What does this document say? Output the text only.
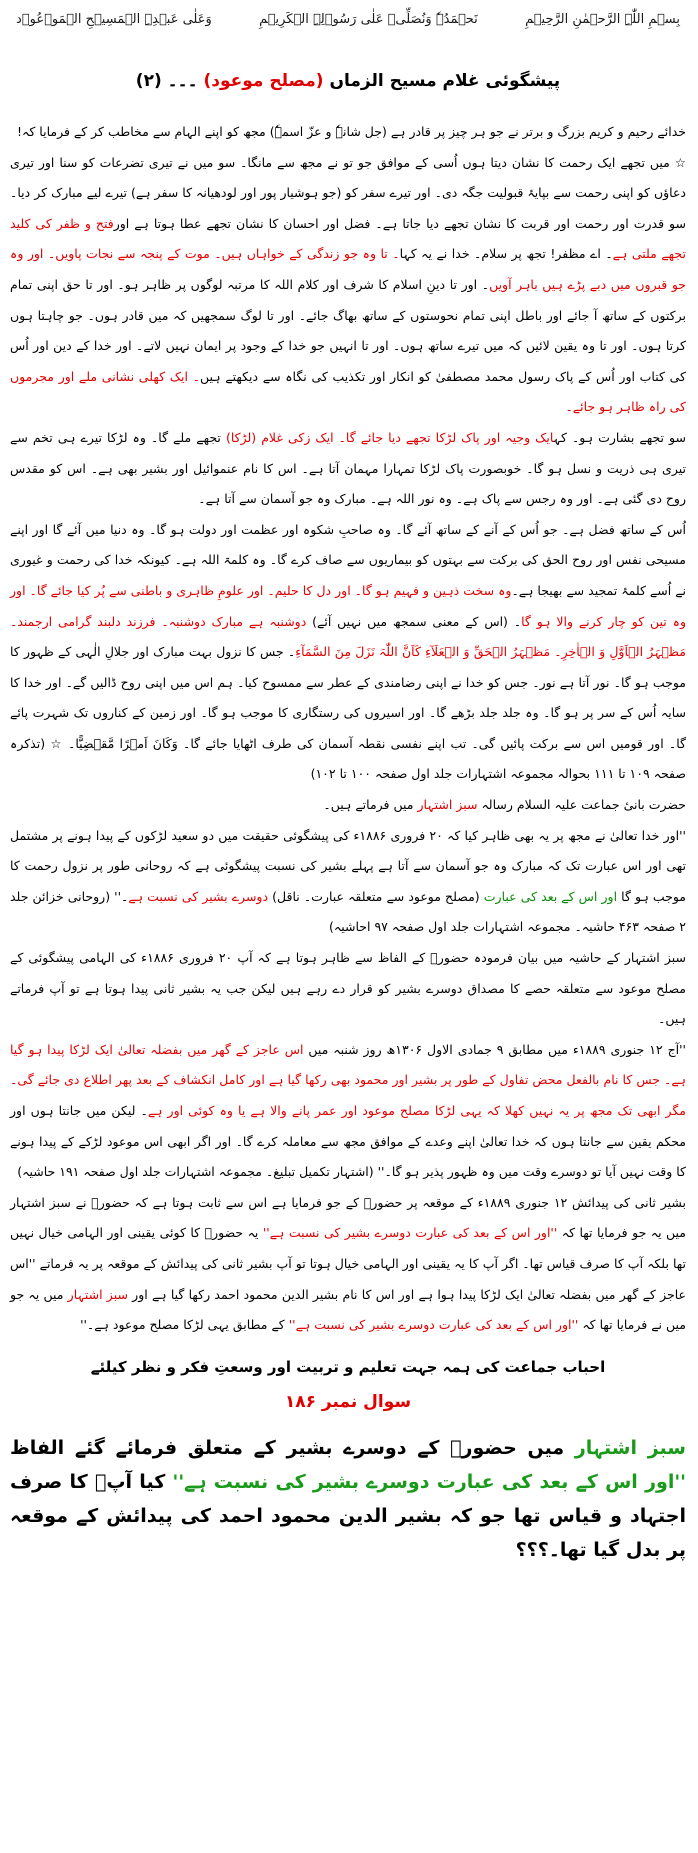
بِسۡمِ اللّٰہِ الرَّحۡمٰنِ الرَّحِیۡمِ
نَحۡمَدُہٗ وَنُصَلِّیۡ عَلٰی رَسُوۡلِہِ الۡکَرِیۡمِ
وَعَلٰی عَبۡدِہِ الۡمَسِیۡحِ الۡمَوۡعُوۡد
پیشگوئی غلام مسیح الزماں (مصلح موعود) ۔۔۔ (۲)

خدائے رحیم و کریم بزرگ و برتر نے جو ہر چیز پر قادر ہے (جل شانہٗ و عزّ اسمہٗ) مجھ کو اپنے الہام سے مخاطب کر کے فرمایا کہ!

☆ میں تجھے ایک رحمت کا نشان دیتا ہوں اُسی کے موافق جو تو نے مجھ سے مانگا۔ سو میں نے تیری تضرعات کو سنا اور تیری دعاؤں کو اپنی رحمت سے بپایۂ قبولیت جگہ دی۔ اور تیرے سفر کو (جو ہوشیار پور اور لودھیانہ کا سفر ہے) تیرے لیے مبارک کر دیا۔ سو قدرت اور رحمت اور قربت کا نشان تجھے دیا جاتا ہے۔ فضل اور احسان کا نشان تجھے عطا ہوتا ہے اورفتح و ظفر کی کلید تجھے ملتی ہے۔ اے مظفر! تجھ پر سلام۔ خدا نے یہ کہا۔ تا وہ جو زندگی کے خواہاں ہیں۔ موت کے پنجہ سے نجات پاویں۔ اور وہ جو قبروں میں دبے پڑے ہیں باہر آویں۔ اور تا دینِ اسلام کا شرف اور کلام اللہ کا مرتبہ لوگوں پر ظاہر ہو۔ اور تا حق اپنی تمام برکتوں کے ساتھ آ جائے اور باطل اپنی تمام نحوستوں کے ساتھ بھاگ جائے۔ اور تا لوگ سمجھیں کہ میں قادر ہوں۔ جو چاہتا ہوں کرتا ہوں۔ اور تا وہ یقین لائیں کہ میں تیرے ساتھ ہوں۔ اور تا انہیں جو خدا کے وجود پر ایمان نہیں لاتے۔ اور خدا کے دین اور اُس کی کتاب اور اُس کے پاک رسول محمد مصطفیٰ کو انکار اور تکذیب کی نگاہ سے دیکھتے ہیں۔ ایک کھلی نشانی ملے اور مجرموں کی راہ ظاہر ہو جائے۔

سو تجھے بشارت ہو۔ کہایک وجیہ اور پاک لڑکا تجھے دیا جائے گا۔ ایک زکی غلام (لڑکا) تجھے ملے گا۔ وہ لڑکا تیرے ہی تخم سے تیری ہی ذریت و نسل ہو گا۔ خوبصورت پاک لڑکا تمہارا مہمان آتا ہے۔ اس کا نام عنموائیل اور بشیر بھی ہے۔ اس کو مقدس روح دی گئی ہے۔ اور وہ رجس سے پاک ہے۔ وہ نور اللہ ہے۔ مبارک وہ جو آسمان سے آتا ہے۔

اُس کے ساتھ فضل ہے۔ جو اُس کے آنے کے ساتھ آئے گا۔ وہ صاحبِ شکوہ اور عظمت اور دولت ہو گا۔ وہ دنیا میں آئے گا اور اپنے مسیحی نفس اور روح الحق کی برکت سے بہتوں کو بیماریوں سے صاف کرے گا۔ وہ کلمۃ اللہ ہے۔ کیونکہ خدا کی رحمت و غیوری نے اُسے کلمۂ تمجید سے بھیجا ہے۔وہ سخت ذہین و فہیم ہو گا۔ اور دل کا حلیم۔ اور علومِ ظاہری و باطنی سے پُر کیا جائے گا۔ اور وہ تین کو چار کرنے والا ہو گا۔ (اس کے معنی سمجھ میں نہیں آئے) دوشنبہ ہے مبارک دوشنبہ۔ فرزند دلبند گرامی ارجمند۔ مَظۡہَرُ الۡاَوَّلِ وَ الۡاٰخِرِ۔ مَظۡہَرُ الۡحَقِّ وَ الۡعَلَآءِ کَاَنَّ اللّٰہَ نَزَلَ مِنَ السَّمَآءِ۔ جس کا نزول بہت مبارک اور جلالِ الٰہی کے ظہور کا موجب ہو گا۔ نور آتا ہے نور۔ جس کو خدا نے اپنی رضامندی کے عطر سے ممسوح کیا۔ ہم اس میں اپنی روح ڈالیں گے۔ اور خدا کا سایہ اُس کے سر پر ہو گا۔ وہ جلد جلد بڑھے گا۔ اور اسیروں کی رستگاری کا موجب ہو گا۔ اور زمین کے کناروں تک شہرت پائے گا۔ اور قومیں اس سے برکت پائیں گی۔ تب اپنے نفسی نقطہ آسمان کی طرف اٹھایا جائے گا۔ وَکَانَ اَمۡرًا مَّقۡضِیًّا۔ ☆ (تذکرہ صفحہ ۱۰۹ تا ۱۱۱ بحوالہ مجموعہ اشتہارات جلد اول صفحہ ۱۰۰ تا ۱۰۲)

حضرت بانیٔ جماعت علیہ السلام رسالہ سبز اشتہار میں فرماتے ہیں۔

''اور خدا تعالیٰ نے مجھ پر یہ بھی ظاہر کیا کہ ۲۰ فروری ۱۸۸۶ء کی پیشگوئی حقیقت میں دو سعید لڑکوں کے پیدا ہونے پر مشتمل تھی اور اس عبارت تک کہ مبارک وہ جو آسمان سے آتا ہے پہلے بشیر کی نسبت پیشگوئی ہے کہ روحانی طور پر نزول رحمت کا موجب ہو گا اور اس کے بعد کی عبارت (مصلح موعود سے متعلقہ عبارت۔ ناقل) دوسرے بشیر کی نسبت ہے۔'' (روحانی خزائن جلد ۲ صفحہ ۴۶۳ حاشیہ۔ مجموعہ اشتہارات جلد اول صفحہ ۹۷ احاشیہ)

سبز اشتہار کے حاشیہ میں بیان فرمودہ حضورؑ کے الفاظ سے ظاہر ہوتا ہے کہ آپ ۲۰ فروری ۱۸۸۶ء کی الہامی پیشگوئی کے مصلح موعود سے متعلقہ حصے کا مصداق دوسرے بشیر کو قرار دے رہے ہیں لیکن جب یہ بشیر ثانی پیدا ہوتا ہے تو آپ فرماتے ہیں۔

''آج ۱۲ جنوری ۱۸۸۹ء میں مطابق ۹ جمادی الاول ۱۳۰۶ھ روز شنبہ میں اس عاجز کے گھر میں بفضلہ تعالیٰ ایک لڑکا پیدا ہو گیا ہے۔ جس کا نام بالفعل محض تفاول کے طور پر بشیر اور محمود بھی رکھا گیا ہے اور کامل انکشاف کے بعد پھر اطلاع دی جائے گی۔ مگر ابھی تک مجھ پر یہ نہیں کھلا کہ یہی لڑکا مصلح موعود اور عمر پانے والا ہے یا وہ کوئی اور ہے۔ لیکن میں جانتا ہوں اور محکم یقین سے جانتا ہوں کہ خدا تعالیٰ اپنے وعدے کے موافق مجھ سے معاملہ کرے گا۔ اور اگر ابھی اس موعود لڑکے کے پیدا ہونے کا وقت نہیں آیا تو دوسرے وقت میں وہ ظہور پذیر ہو گا۔'' (اشتہار تکمیل تبلیغ۔ مجموعہ اشتہارات جلد اول صفحہ ۱۹۱ حاشیہ)

بشیر ثانی کی پیدائش ۱۲ جنوری ۱۸۸۹ء کے موقعہ پر حضورؑ کے جو فرمایا ہے اس سے ثابت ہوتا ہے کہ حضورؑ نے سبز اشتہار میں یہ جو فرمایا تھا کہ ''اور اس کے بعد کی عبارت دوسرے بشیر کی نسبت ہے'' یہ حضورؑ کا کوئی یقینی اور الہامی خیال نہیں تھا بلکہ آپ کا صرف قیاس تھا۔ اگر آپ کا یہ یقینی اور الہامی خیال ہوتا تو آپ بشیر ثانی کی پیدائش کے موقعہ پر یہ فرماتے ''اس عاجز کے گھر میں بفضلہ تعالیٰ ایک لڑکا پیدا ہوا ہے اور اس کا نام بشیر الدین محمود احمد رکھا گیا ہے اور سبز اشتہار میں یہ جو میں نے فرمایا تھا کہ ''اور اس کے بعد کی عبارت دوسرے بشیر کی نسبت ہے'' کے مطابق یہی لڑکا مصلح موعود ہے۔''

احباب جماعت کی ہمہ جہت تعلیم و تربیت اور وسعتِ فکر و نظر کیلئے
سوال نمبر ۱۸۶

سبز اشتہار میں حضورؑ کے دوسرے بشیر کے متعلق فرمائے گئے الفاظ ''اور اس کے بعد کی عبارت دوسرے بشیر کی نسبت ہے'' کیا آپؑ کا صرف اجتہاد و قیاس تھا جو کہ بشیر الدین محمود احمد کی پیدائش کے موقعہ پر بدل گیا تھا۔؟؟؟
